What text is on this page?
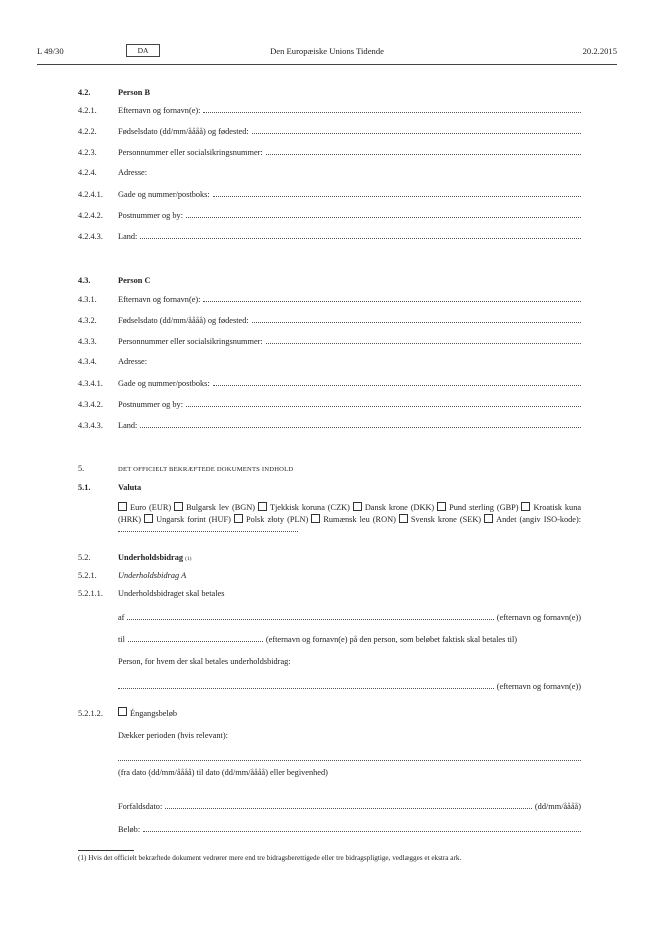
L 49/30	DA	Den Europæiske Unions Tidende	20.2.2015
4.2.	Person B
4.2.1.	Efternavn og fornavn(e):
4.2.2.	Fødselsdato (dd/mm/åååå) og fødested:
4.2.3.	Personnummer eller socialsikringsnummer:
4.2.4.	Adresse:
4.2.4.1.	Gade og nummer/postboks:
4.2.4.2.	Postnummer og by:
4.2.4.3.	Land:
4.3.	Person C
4.3.1.	Efternavn og fornavn(e):
4.3.2.	Fødselsdato (dd/mm/åååå) og fødested:
4.3.3.	Personnummer eller socialsikringsnummer:
4.3.4.	Adresse:
4.3.4.1.	Gade og nummer/postboks:
4.3.4.2.	Postnummer og by:
4.3.4.3.	Land:
5.	DET OFFICIELT BEKRÆFTEDE DOKUMENTS INDHOLD
5.1.	Valuta
Euro (EUR) Bulgarsk lev (BGN) Tjekkisk koruna (CZK) Dansk krone (DKK) Pund sterling (GBP) Kroatisk kuna (HRK) Ungarsk forint (HUF) Polsk złoty (PLN) Rumænsk leu (RON) Svensk krone (SEK) Andet (angiv ISO-kode):
5.2.	Underholdsbidrag
(1)
5.2.1.	Underholdsbidrag A
5.2.1.1.	Underholdsbidraget skal betales
af	(efternavn og fornavn(e))
til	(efternavn og fornavn(e) på den person, som beløbet faktisk skal betales til)
Person, for hvem der skal betales underholdsbidrag:
(efternavn og fornavn(e))
5.2.1.2.	Éngangsbeløb
Dækker perioden (hvis relevant):
(fra dato (dd/mm/åååå) til dato (dd/mm/åååå) eller begivenhed)
Forfaldsdato:	(dd/mm/åååå)
Beløb:
(1) Hvis det officielt bekræftede dokument vedrører mere end tre bidragsberettigede eller tre bidragspligtige, vedlægges et ekstra ark.
